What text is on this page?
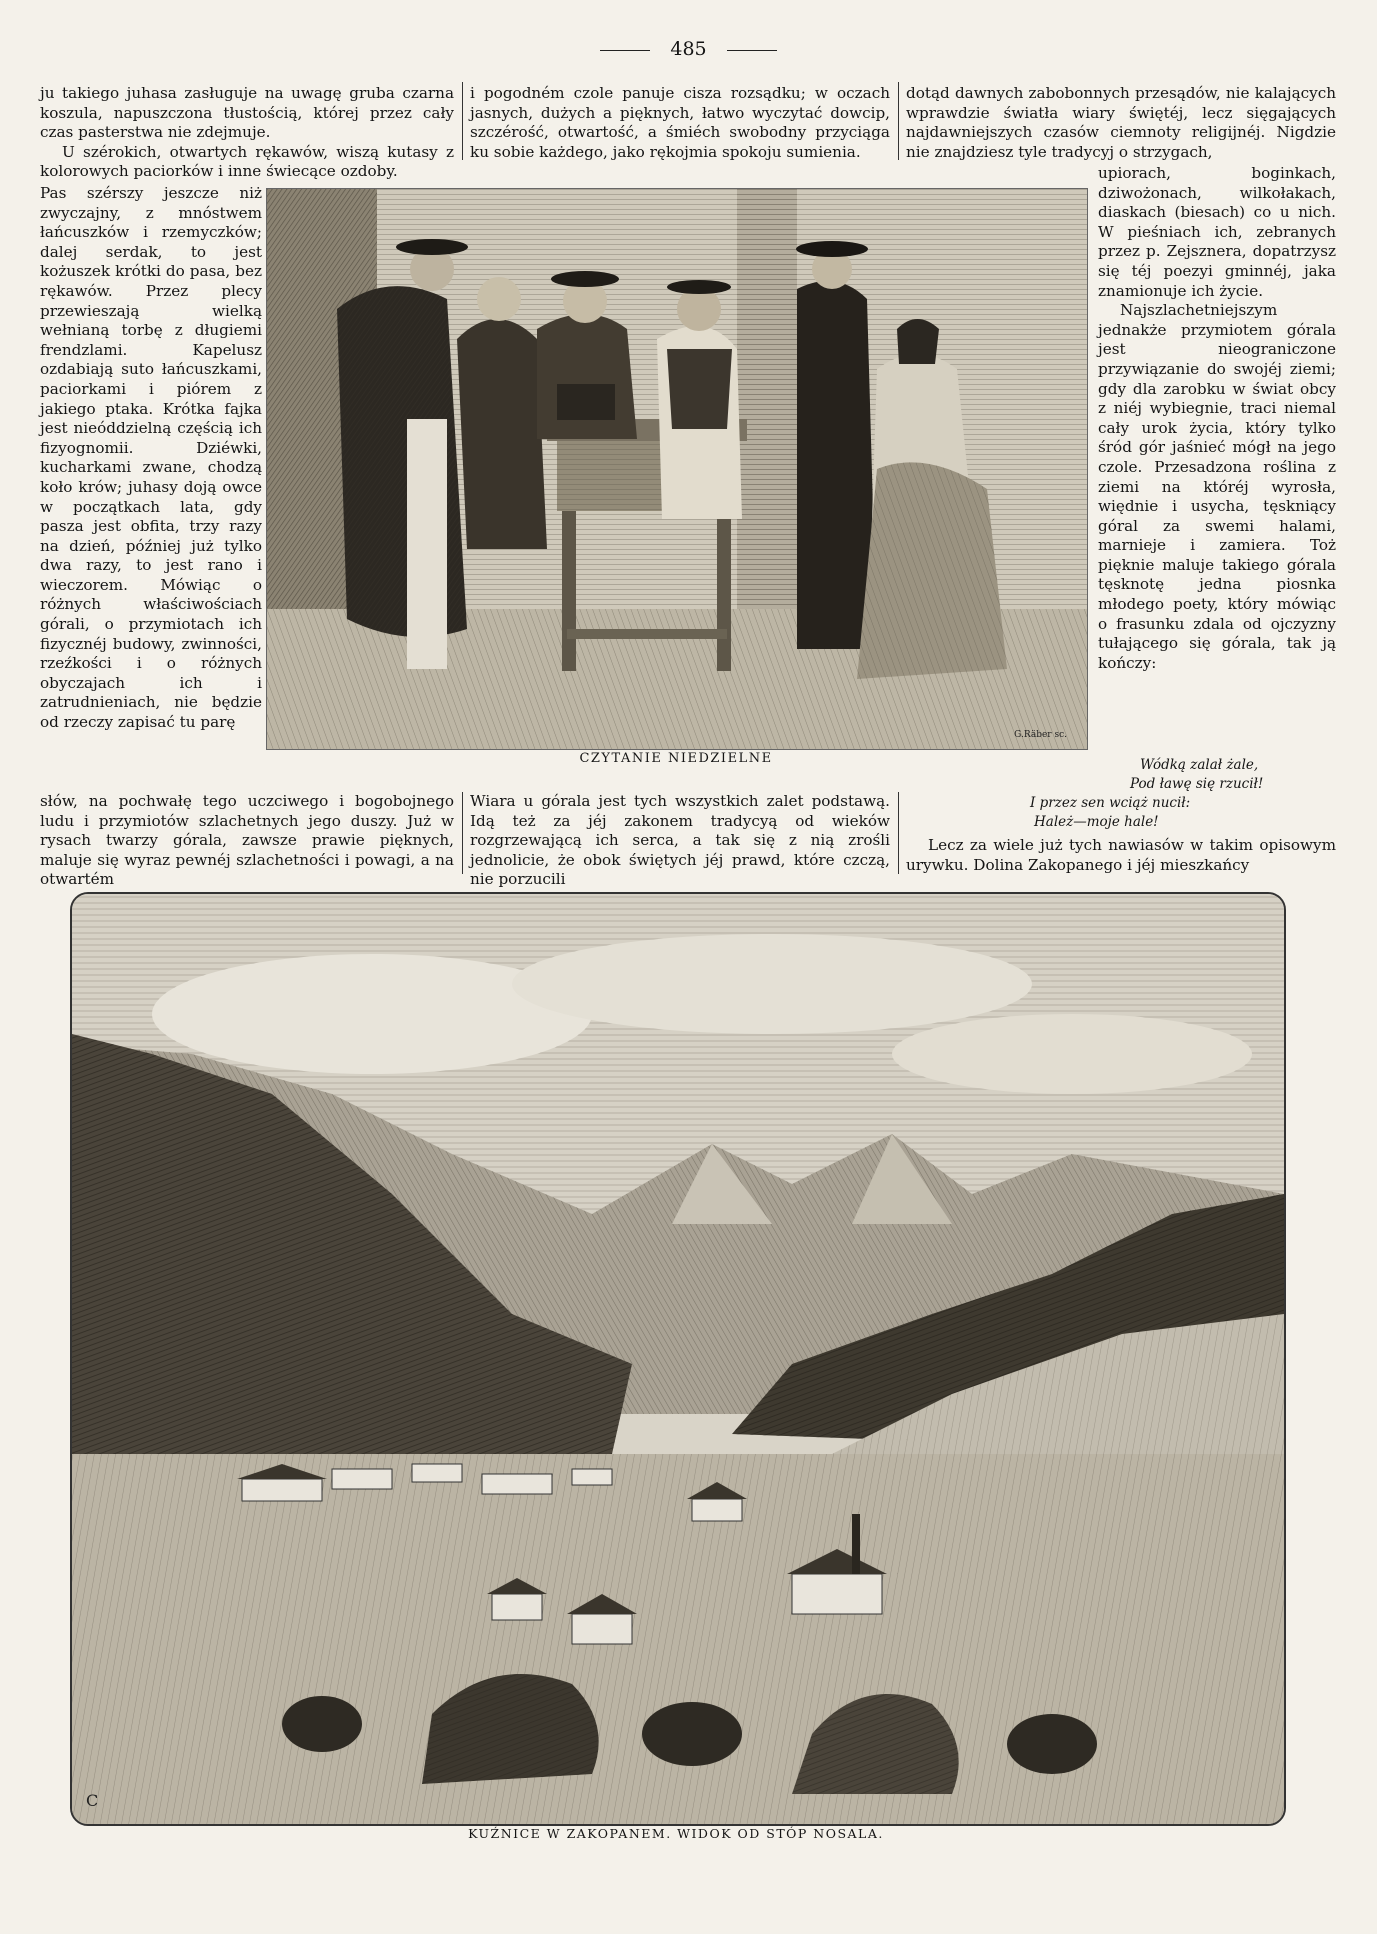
485

ju takiego juhasa zasługuje na uwagę gruba czarna koszula, napuszczona tłustością, której przez cały czas pasterstwa nie zdejmuje.

U szérokich, otwartych rękawów, wiszą kutasy z kolorowych paciorków i inne świecące ozdoby.

Pas szérszy jeszcze niż zwyczajny, z mnóstwem łańcuszków i rzemyczków; dalej serdak, to jest kożuszek krótki do pasa, bez rękawów. Przez plecy przewieszają wielką wełnianą torbę z długiemi frendzlami. Kapelusz ozdabiają suto łańcuszkami, paciorkami i piórem z jakiego ptaka. Krótka fajka jest nieóddzielną częścią ich fizyognomii. Dziéwki, kucharkami zwane, chodzą koło krów; juhasy doją owce w początkach lata, gdy pasza jest obfita, trzy razy na dzień, później już tylko dwa razy, to jest rano i wieczorem. Mówiąc o różnych właściwościach górali, o przymiotach ich fizycznéj budowy, zwinności, rzeźkości i o różnych obyczajach ich i zatrudnieniach, nie będzie od rzeczy zapisać tu parę

i pogodném czole panuje cisza rozsądku; w oczach jasnych, dużych a pięknych, łatwo wyczytać dowcip, szczérość, otwartość, a śmiéch swobodny przyciąga ku sobie każdego, jako rękojmia spokoju sumienia.

dotąd dawnych zabobonnych przesądów, nie kalających wprawdzie światła wiary świętéj, lecz sięgających najdawniejszych czasów ciemnoty religijnéj. Nigdzie nie znajdziesz tyle tradycyj o strzygach,

upiorach, boginkach, dziwożonach, wilkołakach, diaskach (biesach) co u nich. W pieśniach ich, zebranych przez p. Zejsznera, dopatrzysz się téj poezyi gminnéj, jaka znamionuje ich życie.

Najszlachetniejszym jednakże przymiotem górala jest nieograniczone przywiązanie do swojéj ziemi; gdy dla zarobku w świat obcy z niéj wybiegnie, traci niemal cały urok życia, który tylko śród gór jaśnieć mógł na jego czole. Przesadzona roślina z ziemi na któréj wyrosła, więdnie i usycha, tęskniący góral za swemi halami, marnieje i zamiera. Toż pięknie maluje takiego górala tęsknotę jedna piosnka młodego poety, który mówiąc o frasunku zdala od ojczyzny tułającego się górala, tak ją kończy:

Wódką zalał żale,
Pod ławę się rzucił!
I przez sen wciąż nucił:
Hależ—moje hale!
G.Räber sc.
CZYTANIE NIEDZIELNE

słów, na pochwałę tego uczciwego i bogobojnego ludu i przymiotów szlachetnych jego duszy. Już w rysach twarzy górala, zawsze prawie pięknych, maluje się wyraz pewnéj szlachetności i powagi, a na otwartém

Wiara u górala jest tych wszystkich zalet podstawą. Idą też za jéj zakonem tradycyą od wieków rozgrzewającą ich serca, a tak się z nią zrośli jednolicie, że obok świętych jéj prawd, które czczą, nie porzucili

Lecz za wiele już tych nawiasów w takim opisowym urywku. Dolina Zakopanego i jéj mieszkańcy

C
KUŹNICE W ZAKOPANEM. WIDOK OD STÓP NOSALA.
